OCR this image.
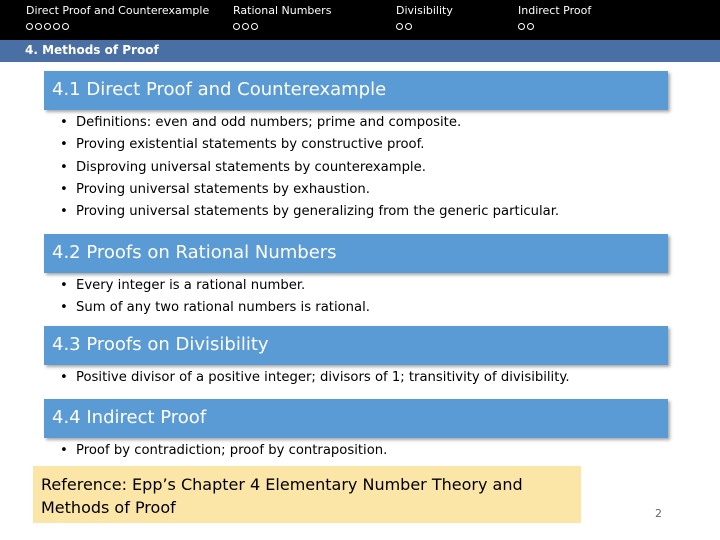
Direct Proof and Counterexample Rational Numbers	Divisibility	Indirect Proof
4. Methods of Proof
4.1 Direct Proof and Counterexample
• Definitions: even and odd numbers; prime and composite.
• Proving existential statements by constructive proof.
• Disproving universal statements by counterexample.
• Proving universal statements by exhaustion.
• Proving universal statements by generalizing from the generic particular.
4.2 Proofs on Rational Numbers
• Every integer is a rational number.
• Sum of any two rational numbers is rational.
4.3 Proofs on Divisibility
• Positive divisor of a positive integer; divisors of 1; transitivity of divisibility.
4.4 Indirect Proof
• Proof by contradiction; proof by contraposition.
Reference: Epp’s Chapter 4 Elementary Number Theory and Methods of Proof	2
